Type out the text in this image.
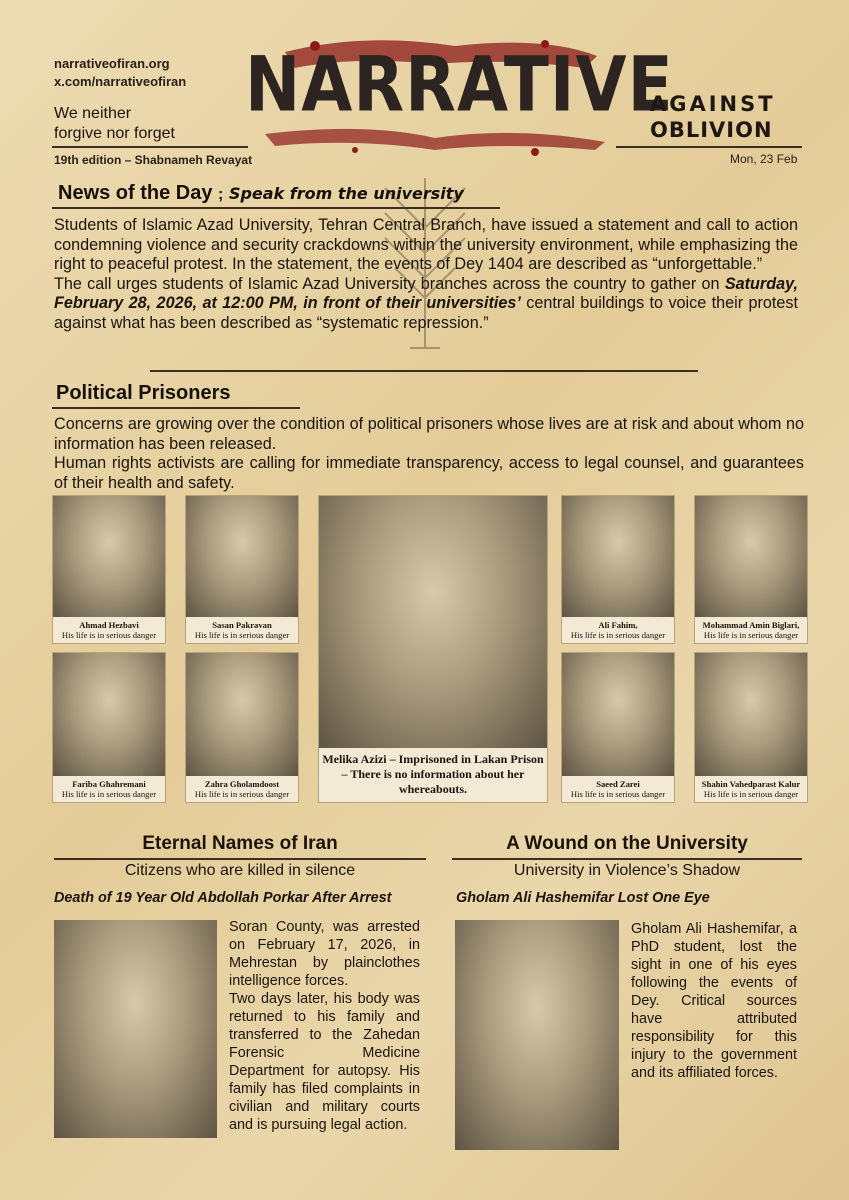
narrativeofiran.org
x.com/narrativeofiran
We neither
forgive nor forget
19th edition – Shabnameh Revayat
NARRATIVE
AGAINST
OBLIVION
Mon, 23 Feb
News of the Day ; Speak from the university

Students of Islamic Azad University, Tehran Central Branch, have issued a statement and call to action condemning violence and security crackdowns within the university environment, while emphasizing the right to peaceful protest. In the statement, the events of Dey 1404 are described as “unforgettable.”

The call urges students of Islamic Azad University branches across the country to gather on Saturday, February 28, 2026, at 12:00 PM, in front of their universities’ central buildings to voice their protest against what has been described as “systematic repression.”

Political Prisoners

Concerns are growing over the condition of political prisoners whose lives are at risk and about whom no information has been released.

Human rights activists are calling for immediate transparency, access to legal counsel, and guarantees of their health and safety.

Ahmad Hezbavi
His life is in serious danger
Sasan Pakravan
His life is in serious danger
Ali Fahim,
His life is in serious danger
Mohammad Amin Biglari,
His life is in serious danger
Fariba Ghahremani
His life is in serious danger
Zahra Gholamdoost
His life is in serious danger
Saeed Zarei
His life is in serious danger
Shahin Vahedparast Kalur
His life is in serious danger
Melika Azizi – Imprisoned in Lakan Prison – There is no information about her whereabouts.
Eternal Names of Iran
Citizens who are killed in silence
Death of 19 Year Old Abdollah Porkar After Arrest

Soran County, was arrested on February 17, 2026, in Mehrestan by plainclothes intelligence forces.

Two days later, his body was returned to his family and transferred to the Zahedan Forensic Medicine Department for autopsy. His family has filed complaints in civilian and military courts and is pursuing legal action.

A Wound on the University
University in Violence’s Shadow
Gholam Ali Hashemifar Lost One Eye

Gholam Ali Hashemifar, a PhD student, lost the sight in one of his eyes following the events of Dey. Critical sources have attributed responsibility for this injury to the government and its affiliated forces.
